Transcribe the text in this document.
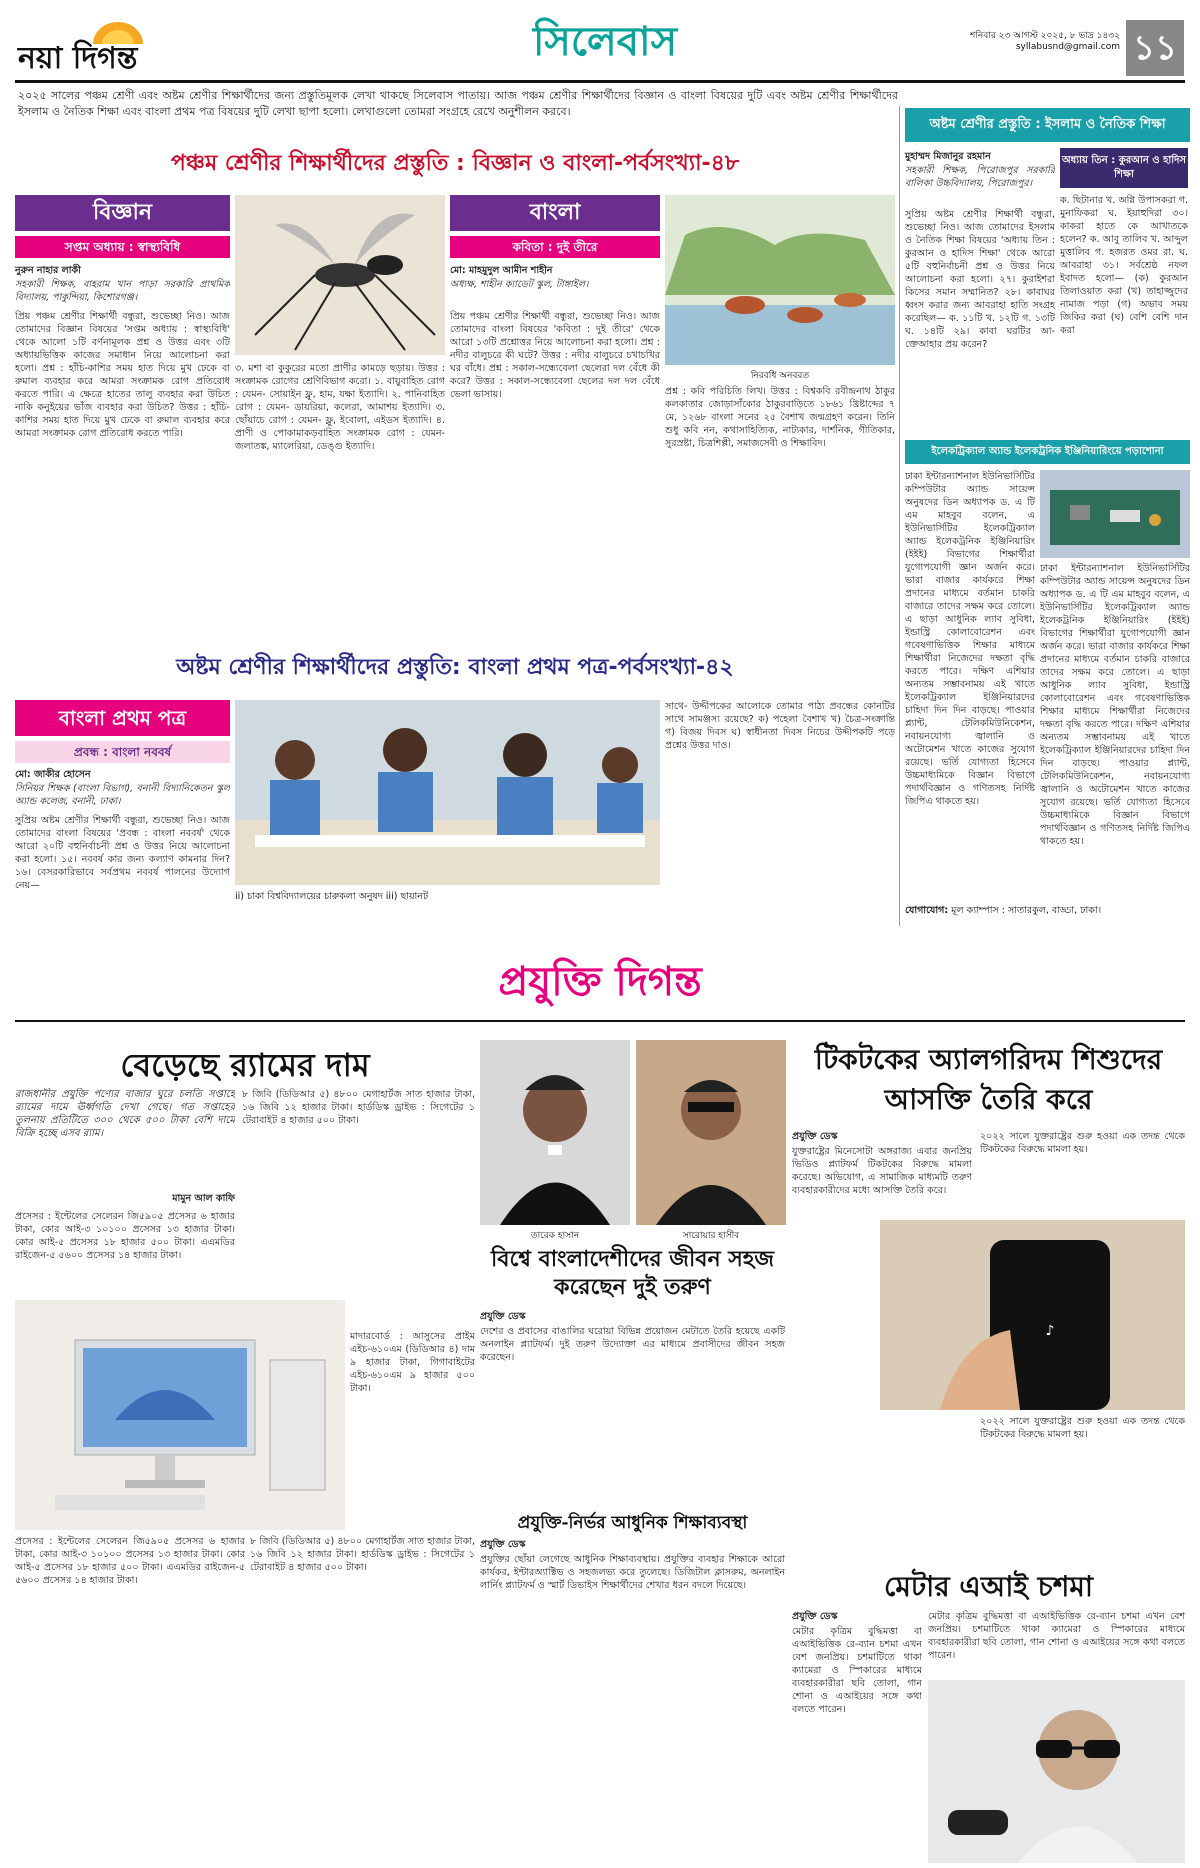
নয়া দিগন্ত	সিলেবাস	শনিবার ২৩ আগস্ট ২০২৫, ৮ ভাদ্র ১৪৩২
syllabusnd@gmail.com ১১
২০২৫ সালের পঞ্চম শ্রেণী এবং অষ্টম শ্রেণীর শিক্ষার্থীদের জন্য প্রস্তুতিমূলক লেখা থাকছে সিলেবাস পাতায়। আজ পঞ্চম শ্রেণীর শিক্ষার্থীদের বিজ্ঞান ও বাংলা বিষয়ের দুটি এবং অষ্টম শ্রেণীর শিক্ষার্থীদের ইসলাম ও নৈতিক শিক্ষা এবং বাংলা প্রথম পত্র বিষয়ের দুটি লেখা ছাপা হলো। লেখাগুলো তোমরা সংগ্রহে রেখে অনুশীলন করবে।
পঞ্চম শ্রেণীর শিক্ষার্থীদের প্রস্তুতি : বিজ্ঞান ও বাংলা-পর্বসংখ্যা-৪৮
বিজ্ঞান
সপ্তম অধ্যায় : স্বাস্থ্যবিধি
নুরুন নাহার লাকী
সহকারী শিক্ষক, বাহরাম খান পাড়া সরকারি প্রাথমিক বিদ্যালয়, পাকুন্দিয়া, কিশোরগঞ্জ।
প্রিয় পঞ্চম শ্রেণীর শিক্ষার্থী বন্ধুরা, শুভেচ্ছা নিও। আজ তোমাদের বিজ্ঞান বিষয়ের 'সপ্তম অধ্যায় : স্বাস্থ্যবিধি' থেকে আলো ১টি বর্ণনামূলক প্রশ্ন ও উত্তর এবং ৩টি অধ্যায়ভিত্তিক কাজের সমাধান নিয়ে আলোচনা করা হলো। প্রশ্ন : হাঁচি-কাশির সময় হাত দিয়ে মুখ ঢেকে বা রুমাল ব্যবহার করে আমরা সংক্রামক রোগ প্রতিরোধ করতে পারি। এ ক্ষেত্রে হাতের তালু ব্যবহার করা উচিত নাকি কনুইয়ের ভাঁজ ব্যবহার করা উচিত? উত্তর : হাঁচি-কাশির সময় হাত দিয়ে মুখ ঢেকে বা রুমাল ব্যবহার করে আমরা সংক্রামক রোগ প্রতিরোধ করতে পারি।
৩. মশা বা কুকুরের মতো প্রাণীর কামড়ে ছড়ায়। উত্তর : সংক্রামক রোগের শ্রেণিবিভাগ করো। ১. বায়ুবাহিত রোগ : যেমন- সোয়াইন ফ্লু, হাম, যক্ষা ইত্যাদি। ২. পানিবাহিত রোগ : যেমন- ডায়রিয়া, কলেরা, আমাশয় ইত্যাদি। ৩. ছোঁয়াচে রোগ : যেমন- ফ্লু, ইবোলা, এইডস ইত্যাদি। ৪. প্রাণী ও পোকামাকড়বাহিত সংক্রামক রোগ : যেমন- জলাতঙ্ক, ম্যালেরিয়া, ডেঙ্গু ইত্যাদি।
বাংলা
কবিতা : দুই তীরে
নিরবধি অনবরত
মো: মাহমুদুল আমীন শাহীন
অধ্যক্ষ, শাহীন ক্যাডেট স্কুল, টাঙ্গাইল।
প্রিয় পঞ্চম শ্রেণীর শিক্ষার্থী বন্ধুরা, শুভেচ্ছা নিও। আজ তোমাদের বাংলা বিষয়ের 'কবিতা : দুই তীরে' থেকে আরো ১৩টি প্রশ্নোত্তর নিয়ে আলোচনা করা হলো। প্রশ্ন : নদীর বালুচরে কী ঘটে? উত্তর : নদীর বালুচরে চখাচখির ঘর বাঁধে। প্রশ্ন : সকাল-সন্ধ্যেবেলা ছেলেরা দল বেঁধে কী করে? উত্তর : সকাল-সন্ধ্যেবেলা ছেলের দল দল বেঁধে ভেলা ভাসায়।	প্রশ্ন : কবি পরিচিতি লিখ। উত্তর : বিশ্বকবি রবীন্দ্রনাথ ঠাকুর কলকাতার জোড়াসাঁকোর ঠাকুরবাড়িতে ১৮৬১ খ্রিষ্টাব্দের ৭ মে, ১২৬৮ বাংলা সনের ২৫ বৈশাখ জন্মগ্রহণ করেন। তিনি শুধু কবি নন, কথাসাহিত্যিক, নাট্যকার, দার্শনিক, গীতিকার, সুরস্রষ্টা, চিত্রশিল্পী, সমাজসেবী ও শিক্ষাবিদ।
অষ্টম শ্রেণীর প্রস্তুতি : ইসলাম ও নৈতিক শিক্ষা
মুহাম্মদ মিজানুর রহমান
সহকারী শিক্ষক, পিরোজপুর সরকারি বালিকা উচ্চবিদ্যালয়, পিরোজপুর।
অধ্যায় তিন : কুরআন ও হাদিস শিক্ষা
সুপ্রিয় অষ্টম শ্রেণীর শিক্ষার্থী বন্ধুরা, শুভেচ্ছা নিও। আজ তোমাদের ইসলাম ও নৈতিক শিক্ষা বিষয়ের 'অধ্যায় তিন : কুরআন ও হাদিস শিক্ষা' থেকে আরো ৫টি বহুনির্বাচনী প্রশ্ন ও উত্তর নিয়ে আলোচনা করা হলো। ২৭। কুরাইশরা কিসের সমান সম্মানিত? ২৮। কাবাঘর ধ্বংস করার জন্য আবরাহা হাতি সংগ্রহ করেছিল— ক. ১১টি খ. ১২টি গ. ১৩টি ঘ. ১৪টি ২৯। কাবা ঘরটির আ-ক্তেআহার প্রয় করেন?
ক. ছিটানার খ. অগ্নি উপাসকরা গ. মুনাফিকরা ঘ. ইয়াহুদিরা ৩০। কাকরা হাতে কে আখাতকে হলেন? ক. আবু তালিব খ. আব্দুল মুত্তালিব গ. হজরত ওমর রা. ঘ. আবরাহা ৩১। সর্বশ্রেষ্ঠ নফল ইবাদত হলো— (ক) কুরআন তিলাওয়াত করা (খ) তাহাজ্জুদের নামাজ পড়া (গ) অভাব সময় জিকির করা (ঘ) বেশি বেশি দান করা
ইলেকট্রিক্যাল অ্যান্ড ইলেকট্রনিক ইঞ্জিনিয়ারিংয়ে পড়াশোনা
ঢাকা ইন্টারন্যাশনাল ইউনিভার্সিটির কম্পিউটার অ্যান্ড সায়েন্স অনুষদের ডিন অধ্যাপক ড. এ টি এম মাহবুব বলেন, এ ইউনিভার্সিটির ইলেকট্রিক্যাল অ্যান্ড ইলেকট্রনিক ইঞ্জিনিয়ারিং (ইইই) বিভাগের শিক্ষার্থীরা যুগোপযোগী জ্ঞান অর্জন করে। ভারা বাজার কার্যকরে শিক্ষা প্রদানের মাধ্যমে বর্তমান চাকরি বাজারে তাদের সক্ষম করে তোলে। এ ছাড়া আধুনিক ল্যাব সুবিধা, ইন্ডাস্ট্রি কোলাবোরেশন এবং গবেষণাভিত্তিক শিক্ষার মাধ্যমে শিক্ষার্থীরা নিজেদের দক্ষতা বৃদ্ধি করতে পারে। দক্ষিণ এশিয়ার অন্যতম সম্ভাবনাময় এই খাতে ইলেকট্রিক্যাল ইঞ্জিনিয়ারদের চাহিদা দিন দিন বাড়ছে। পাওয়ার প্ল্যান্ট, টেলিকমিউনিকেশন, নবায়নযোগ্য জ্বালানি ও অটোমেশন খাতে কাজের সুযোগ রয়েছে। ভর্তি যোগ্যতা হিসেবে উচ্চমাধ্যমিকে বিজ্ঞান বিভাগে পদার্থবিজ্ঞান ও গণিতসহ নির্দিষ্ট জিপিএ থাকতে হয়।
ঢাকা ইন্টারন্যাশনাল ইউনিভার্সিটির কম্পিউটার অ্যান্ড সায়েন্স অনুষদের ডিন অধ্যাপক ড. এ টি এম মাহবুব বলেন, এ ইউনিভার্সিটির ইলেকট্রিক্যাল অ্যান্ড ইলেকট্রনিক ইঞ্জিনিয়ারিং (ইইই) বিভাগের শিক্ষার্থীরা যুগোপযোগী জ্ঞান অর্জন করে। ভারা বাজার কার্যকরে শিক্ষা প্রদানের মাধ্যমে বর্তমান চাকরি বাজারে তাদের সক্ষম করে তোলে। এ ছাড়া আধুনিক ল্যাব সুবিধা, ইন্ডাস্ট্রি কোলাবোরেশন এবং গবেষণাভিত্তিক শিক্ষার মাধ্যমে শিক্ষার্থীরা নিজেদের দক্ষতা বৃদ্ধি করতে পারে। দক্ষিণ এশিয়ার অন্যতম সম্ভাবনাময় এই খাতে ইলেকট্রিক্যাল ইঞ্জিনিয়ারদের চাহিদা দিন দিন বাড়ছে। পাওয়ার প্ল্যান্ট, টেলিকমিউনিকেশন, নবায়নযোগ্য জ্বালানি ও অটোমেশন খাতে কাজের সুযোগ রয়েছে। ভর্তি যোগ্যতা হিসেবে উচ্চমাধ্যমিকে বিজ্ঞান বিভাগে পদার্থবিজ্ঞান ও গণিতসহ নির্দিষ্ট জিপিএ থাকতে হয়।
যোগাযোগ: মূল ক্যাম্পাস : সাতারকুল, বাড্ডা, ঢাকা।
অষ্টম শ্রেণীর শিক্ষার্থীদের প্রস্তুতি: বাংলা প্রথম পত্র-পর্বসংখ্যা-৪২
বাংলা প্রথম পত্র
প্রবন্ধ : বাংলা নববর্ষ
মো: জাকীর হোসেন
সিনিয়র শিক্ষক (বাংলা বিভাগ), বনানী বিদ্যানিকেতন স্কুল অ্যান্ড কলেজ, বনানী, ঢাকা।
সুপ্রিয় অষ্টম শ্রেণীর শিক্ষার্থী বন্ধুরা, শুভেচ্ছা নিও। আজ তোমাদের বাংলা বিষয়ের 'প্রবন্ধ : বাংলা নববর্ষ' থেকে আরো ২০টি বহুনির্বাচনী প্রশ্ন ও উত্তর নিয়ে আলোচনা করা হলো। ১৫। নববর্ষ কার জন্য কল্যাণ কামনার দিন? ১৬। বেসরকারিভাবে সর্বপ্রথম নববর্ষ পালনের উদ্যোগ নেয়—
ii) চাকা বিশ্ববিদ্যালয়ের চারুকলা অনুষদ iii) ছায়ানট
সাথে- উদ্দীপকের আলোকে তোমার পাঠ্য প্রবন্ধের কোনটির সাথে সামঞ্জস্য রয়েছে? ক) পহেলা বৈশাখ খ) চৈত্র-সংক্রান্তি গ) বিজয় দিবস ঘ) স্বাধীনতা দিবস নিচের উদ্দীপকটি পড়ে প্রশ্নের উত্তর দাও।
প্রযুক্তি দিগন্ত
বেড়েছে র‍্যামের দাম
রাজধানীর প্রযুক্তি পণ্যের বাজার ঘুরে চলতি সপ্তাহে র‍্যামের দামে ঊর্ধ্বগতি দেখা গেছে। গত সপ্তাহের তুলনায় প্রতিটিতে ৩০০ থেকে ৫০০ টাকা বেশি দামে বিক্রি হচ্ছে এসব র‍্যাম।
মামুন আল কাফি
প্রসেসর : ইন্টেলের সেলেরন জি৫৯০৫ প্রসেসর ৬ হাজার টাকা, কোর আই-৩ ১০১০০ প্রসেসর ১৩ হাজার টাকা। কোর আই-৫ প্রসেসর ১৮ হাজার ৫০০ টাকা। এএমডির রাইজেন-৫ ৫৬০০ প্রসেসর ১৪ হাজার টাকা।
৮ জিবি (ডিডিআর ৫) ৪৮০০ মেগাহার্টজ সাত হাজার টাকা, ১৬ জিবি ১২ হাজার টাকা। হার্ডডিস্ক ড্রাইভ : সিগেটের ১ টেরাবাইট ৪ হাজার ৫০০ টাকা।
মাদারবোর্ড : আসুসের প্রাইম এইচ-৬১০এম (ডিডিআর ৪) দাম ৯ হাজার টাকা, গিগাবাইটের এইচ-৬১০এম ৯ হাজার ৫০০ টাকা।
প্রসেসর : ইন্টেলের সেলেরন জি৫৯০৫ প্রসেসর ৬ হাজার টাকা, কোর আই-৩ ১০১০০ প্রসেসর ১৩ হাজার টাকা। কোর আই-৫ প্রসেসর ১৮ হাজার ৫০০ টাকা। এএমডির রাইজেন-৫ ৫৬০০ প্রসেসর ১৪ হাজার টাকা।
৮ জিবি (ডিডিআর ৫) ৪৮০০ মেগাহার্টজ সাত হাজার টাকা, ১৬ জিবি ১২ হাজার টাকা। হার্ডডিস্ক ড্রাইভ : সিগেটের ১ টেরাবাইট ৪ হাজার ৫০০ টাকা।
তারেক হাসান	সারোয়ার হাসীব
বিশ্বে বাংলাদেশীদের জীবন সহজ করেছেন দুই তরুণ
প্রযুক্তি ডেস্ক
দেশের ও প্রবাসের বাঙালির ঘরোয়া বিভিন্ন প্রয়োজন মেটাতে তৈরি হয়েছে একটি অনলাইন প্ল্যাটফর্ম। দুই তরুণ উদ্যোক্তা এর মাধ্যমে প্রবাসীদের জীবন সহজ করেছেন।
প্রযুক্তি-নির্ভর আধুনিক শিক্ষাব্যবস্থা
প্রযুক্তি ডেস্ক
প্রযুক্তির ছোঁয়া লেগেছে আধুনিক শিক্ষাব্যবস্থায়। প্রযুক্তির ব্যবহার শিক্ষাকে আরো কার্যকর, ইন্টারঅ্যাক্টিভ ও সহজলভ্য করে তুলেছে। ডিজিটাল ক্লাসরুম, অনলাইন লার্নিং প্ল্যাটফর্ম ও স্মার্ট ডিভাইস শিক্ষার্থীদের শেখার ধরন বদলে দিয়েছে।
টিকটকের অ্যালগরিদম শিশুদের আসক্তি তৈরি করে
প্রযুক্তি ডেস্ক
যুক্তরাষ্ট্রের মিনেসোটা অঙ্গরাজ্য এবার জনপ্রিয় ভিডিও প্ল্যাটফর্ম টিকটকের বিরুদ্ধে মামলা করেছে। অভিযোগ, এ সামাজিক মাধ্যমটি তরুণ ব্যবহারকারীদের মধ্যে আসক্তি তৈরি করে।
২০২২ সালে যুক্তরাষ্ট্রের শুরু হওয়া এক তদন্ত থেকে টিকটকের বিরুদ্ধে মামলা হয়।
♪
২০২২ সালে যুক্তরাষ্ট্রের শুরু হওয়া এক তদন্ত থেকে টিকটকের বিরুদ্ধে মামলা হয়।
মেটার এআই চশমা
প্রযুক্তি ডেস্ক
মেটার কৃত্রিম বুদ্ধিমত্তা বা এআইভিত্তিক রে-ব্যান চশমা এখন বেশ জনপ্রিয়। চশমাটিতে থাকা ক্যামেরা ও স্পিকারের মাধ্যমে ব্যবহারকারীরা ছবি তোলা, গান শোনা ও এআইয়ের সঙ্গে কথা বলতে পারেন।
মেটার কৃত্রিম বুদ্ধিমত্তা বা এআইভিত্তিক রে-ব্যান চশমা এখন বেশ জনপ্রিয়। চশমাটিতে থাকা ক্যামেরা ও স্পিকারের মাধ্যমে ব্যবহারকারীরা ছবি তোলা, গান শোনা ও এআইয়ের সঙ্গে কথা বলতে পারেন।
